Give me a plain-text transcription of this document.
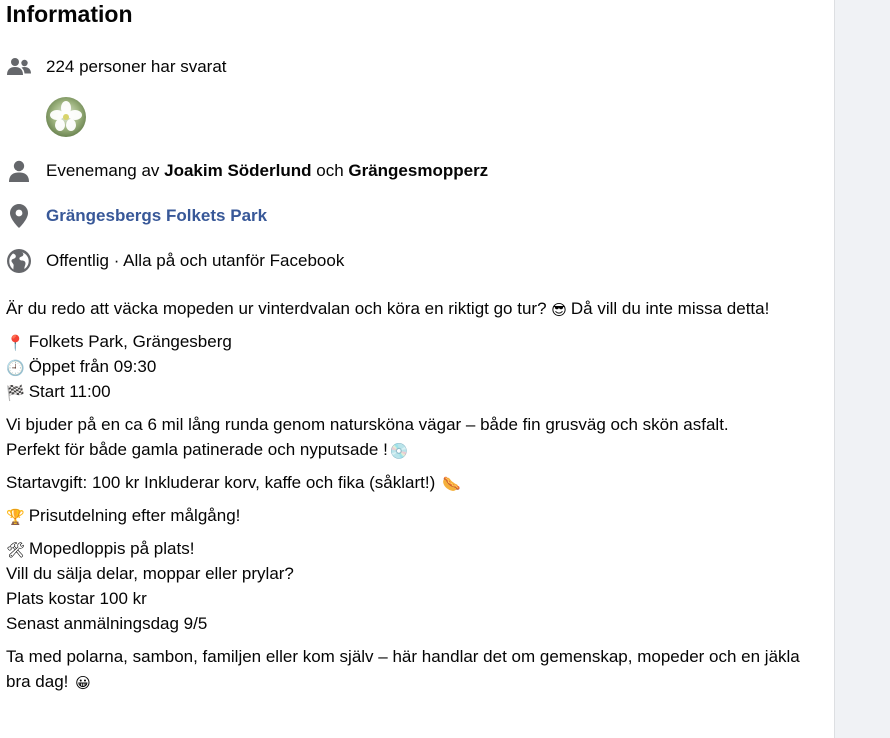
Information
224 personer har svarat
Evenemang av Joakim Söderlund och Grängesmopperz
Grängesbergs Folkets Park
Offentlig · Alla på och utanför Facebook

Är du redo att väcka mopeden ur vinterdvalan och köra en riktigt go tur? 😎 Då vill du inte missa detta!

📍 Folkets Park, Grängesberg

🕘 Öppet från 09:30

🏁 Start 11:00

Vi bjuder på en ca 6 mil lång runda genom natursköna vägar – både fin grusväg och skön asfalt.

Perfekt för både gamla patinerade och nyputsade ! 💿

Startavgift: 100 kr Inkluderar korv, kaffe och fika (såklart!) 🌭

🏆 Prisutdelning efter målgång!

🛠 Mopedloppis på plats!

Vill du sälja delar, moppar eller prylar?

Plats kostar 100 kr

Senast anmälningsdag 9/5

Ta med polarna, sambon, familjen eller kom själv – här handlar det om gemenskap, mopeder och en jäkla bra dag! 😀
